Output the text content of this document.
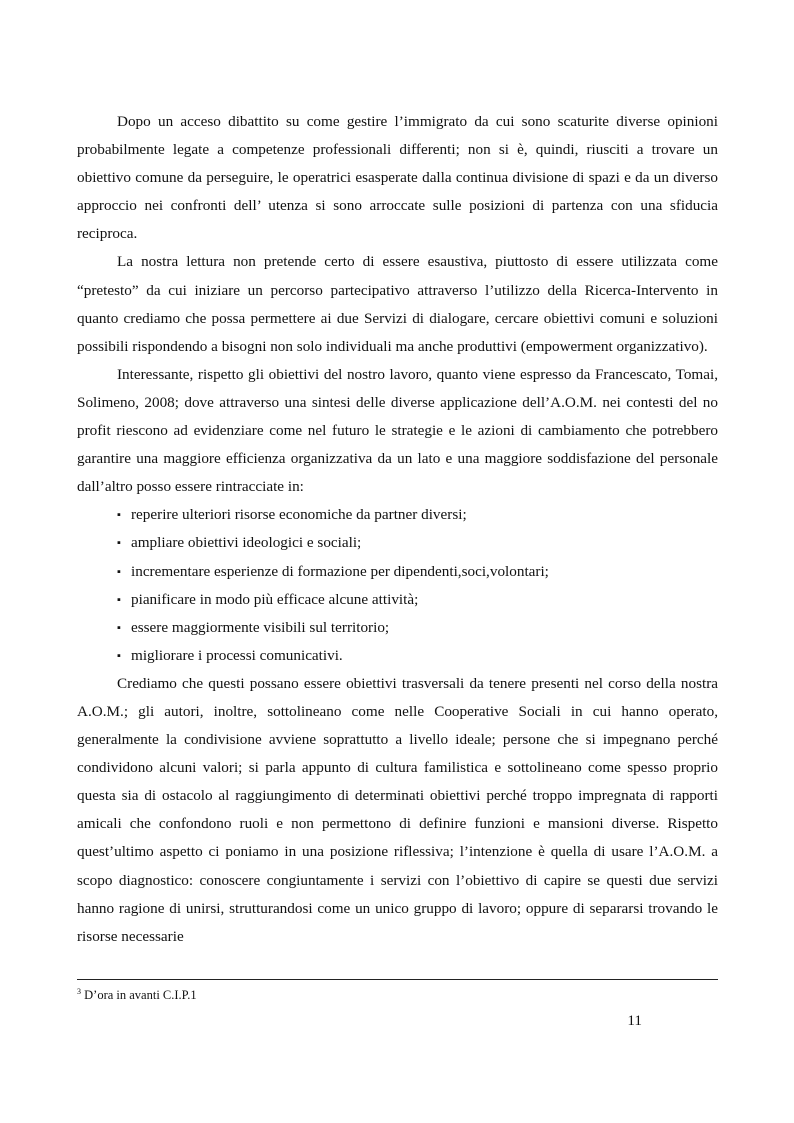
Dopo un acceso dibattito su come gestire l’immigrato da cui sono scaturite diverse opinioni probabilmente legate a competenze professionali differenti; non si è, quindi, riusciti a trovare un obiettivo comune da perseguire, le operatrici esasperate dalla continua divisione di spazi e da un diverso approccio nei confronti dell’ utenza si sono arroccate sulle posizioni di partenza con una sfiducia reciproca.

La nostra lettura non pretende certo di essere esaustiva, piuttosto di essere utilizzata come “pretesto” da cui iniziare un percorso partecipativo attraverso l’utilizzo della Ricerca-Intervento in quanto crediamo che possa permettere ai due Servizi di dialogare, cercare obiettivi comuni e soluzioni possibili rispondendo a bisogni non solo individuali ma anche produttivi (empowerment organizzativo).

Interessante, rispetto gli obiettivi del nostro lavoro, quanto viene espresso da Francescato, Tomai, Solimeno, 2008; dove attraverso una sintesi delle diverse applicazione dell’A.O.M. nei contesti del no profit riescono ad evidenziare come nel futuro le strategie e le azioni di cambiamento che potrebbero garantire una maggiore efficienza organizzativa da un lato e una maggiore soddisfazione del personale dall’altro posso essere rintracciate in:

▪ reperire ulteriori risorse economiche da partner diversi;
▪ ampliare obiettivi ideologici e sociali;
▪ incrementare esperienze di formazione per dipendenti,soci,volontari;
▪ pianificare in modo più efficace alcune attività;
▪ essere maggiormente visibili sul territorio;
▪ migliorare i processi comunicativi.

Crediamo che questi possano essere obiettivi trasversali da tenere presenti nel corso della nostra A.O.M.; gli autori, inoltre, sottolineano come nelle Cooperative Sociali in cui hanno operato, generalmente la condivisione avviene soprattutto a livello ideale; persone che si impegnano perché condividono alcuni valori; si parla appunto di cultura familistica e sottolineano come spesso proprio questa sia di ostacolo al raggiungimento di determinati obiettivi perché troppo impregnata di rapporti amicali che confondono ruoli e non permettono di definire funzioni e mansioni diverse. Rispetto quest’ultimo aspetto ci poniamo in una posizione riflessiva; l’intenzione è quella di usare l’A.O.M. a scopo diagnostico: conoscere congiuntamente i servizi con l’obiettivo di capire se questi due servizi hanno ragione di unirsi, strutturandosi come un unico gruppo di lavoro; oppure di separarsi trovando le risorse necessarie

$^3$ D’ora in avanti C.I.P.1
11
